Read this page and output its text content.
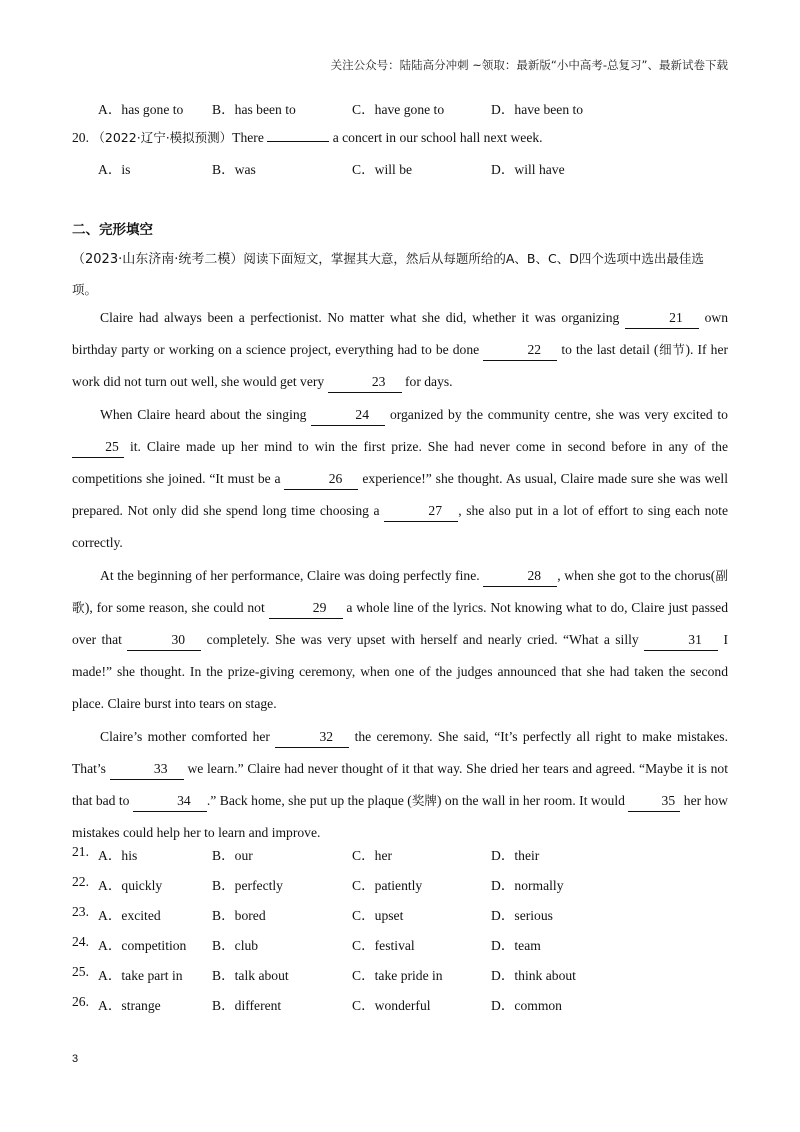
关注公众号：陆陆高分冲刺 ~领取：最新版“小中高考-总复习”、最新试卷下载
A．has gone to B．has been to	C．have gone to	D．have been to
20. （2022·辽宁·模拟预测）There	a concert in our school hall next week.
A．is	B．was	C．will be	D．will have
二、完形填空
（2023·山东济南·统考二模）阅读下面短文，掌握其大意，然后从每题所给的A、B、C、D四个选项中选出最佳选项。

Claire had always been a perfectionist. No matter what she did, whether it was organizing	21 own birthday party or working on a science project, everything had to be done	22 to the last detail (细节). If her work did not turn out well, she would get very	23 for days.

When Claire heard about the singing	24 organized by the community centre, she was very excited to 25 it. Claire made up her mind to win the first prize. She had never come in second before in any of the competitions she joined. “It must be a	26 experience!” she thought. As usual, Claire made sure she was well prepared. Not only did she spend long time choosing a	27 , she also put in a lot of effort to sing each note correctly.

At the beginning of her performance, Claire was doing perfectly fine.	28 , when she got to the chorus(副歌), for some reason, she could not	29 a whole line of the lyrics. Not knowing what to do, Claire just passed over that	30 completely. She was very upset with herself and nearly cried. “What a silly	31 I made!” she thought. In the prize-giving ceremony, when one of the judges announced that she had taken the second place. Claire burst into tears on stage.

Claire’s mother comforted her	32 the ceremony. She said, “It’s perfectly all right to make mistakes. That’s	33 we learn.” Claire had never thought of it that way. She dried her tears and agreed. “Maybe it is not that bad to	34 .” Back home, she put up the plaque (奖牌) on the wall in her room. It would	35 her how mistakes could help her to learn and improve.

21. A．his	B．our	C．her	D．their
22. A．quickly	B．perfectly	C．patiently	D．normally
23. A．excited	B．bored	C．upset	D．serious
24. A．competition B．club	C．festival	D．team
25. A．take part in B．talk about	C．take pride in	D．think about
26. A．strange	B．different	C．wonderful	D．common
3
